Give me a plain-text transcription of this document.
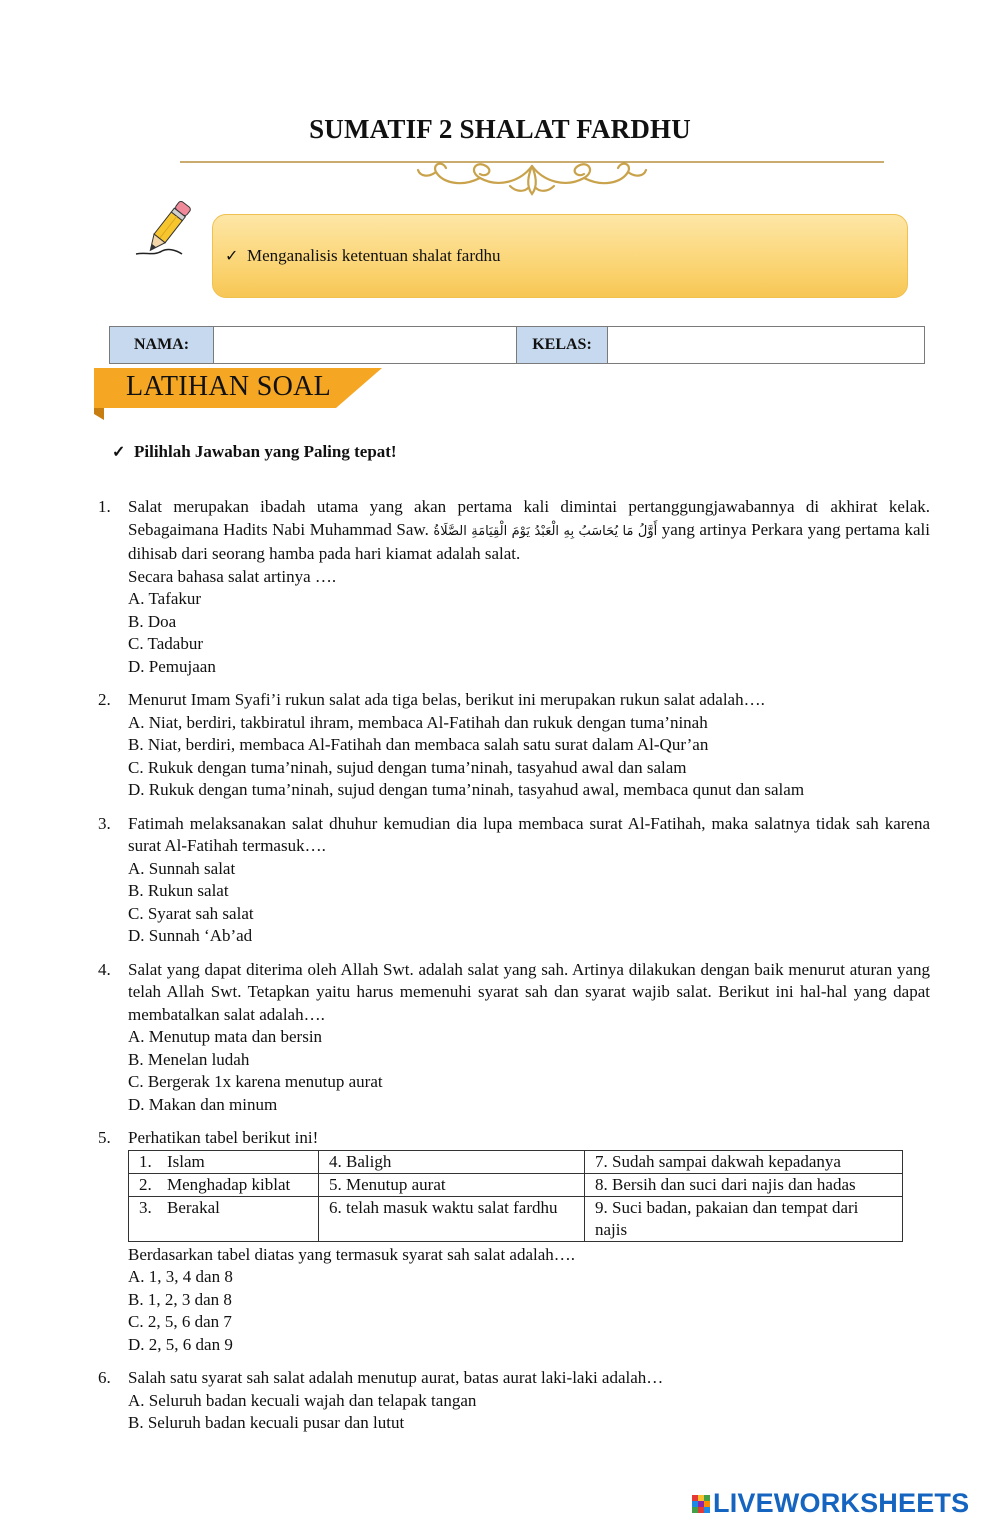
SUMATIF 2 SHALAT FARDHU
✓ Menganalisis ketentuan shalat fardhu
NAMA:		KELAS:	
LATIHAN SOAL
✓ Pilihlah Jawaban yang Paling tepat!
1. Salat merupakan ibadah utama yang akan pertama kali dimintai pertanggungjawabannya di akhirat kelak. Sebagaimana Hadits Nabi Muhammad Saw. أَوَّلُ مَا يُحَاسَبُ بِهِ الْعَبْدُ يَوْمَ الْقِيَامَةِ الصَّلَاةُ yang artinya Perkara yang pertama kali dihisab dari seorang hamba pada hari kiamat adalah salat.
Secara bahasa salat artinya ….
A. Tafakur
B. Doa
C. Tadabur
D. Pemujaan
2. Menurut Imam Syafi’i rukun salat ada tiga belas, berikut ini merupakan rukun salat adalah….
A. Niat, berdiri, takbiratul ihram, membaca Al-Fatihah dan rukuk dengan tuma’ninah
B. Niat, berdiri, membaca Al-Fatihah dan membaca salah satu surat dalam Al-Qur’an
C. Rukuk dengan tuma’ninah, sujud dengan tuma’ninah, tasyahud awal dan salam
D. Rukuk dengan tuma’ninah, sujud dengan tuma’ninah, tasyahud awal, membaca qunut dan salam
3. Fatimah melaksanakan salat dhuhur kemudian dia lupa membaca surat Al-Fatihah, maka salatnya tidak sah karena surat Al-Fatihah termasuk….
A. Sunnah salat
B. Rukun salat
C. Syarat sah salat
D. Sunnah ‘Ab’ad
4. Salat yang dapat diterima oleh Allah Swt. adalah salat yang sah. Artinya dilakukan dengan baik menurut aturan yang telah Allah Swt. Tetapkan yaitu harus memenuhi syarat sah dan syarat wajib salat. Berikut ini hal-hal yang dapat membatalkan salat adalah….
A. Menutup mata dan bersin
B. Menelan ludah
C. Bergerak 1x karena menutup aurat
D. Makan dan minum
5. Perhatikan tabel berikut ini!
1. Islam	4. Baligh	7. Sudah sampai dakwah kepadanya

2. Menghadap kiblat	5. Menutup aurat	8. Bersih dan suci dari najis dan hadas

3. Berakal	6. telah masuk waktu salat fardhu	9. Suci badan, pakaian dan tempat dari najis
Berdasarkan tabel diatas yang termasuk syarat sah salat adalah….
A. 1, 3, 4 dan 8
B. 1, 2, 3 dan 8
C. 2, 5, 6 dan 7
D. 2, 5, 6 dan 9
6. Salah satu syarat sah salat adalah menutup aurat, batas aurat laki-laki adalah…
A. Seluruh badan kecuali wajah dan telapak tangan
B. Seluruh badan kecuali pusar dan lutut
LIVEWORKSHEETS
